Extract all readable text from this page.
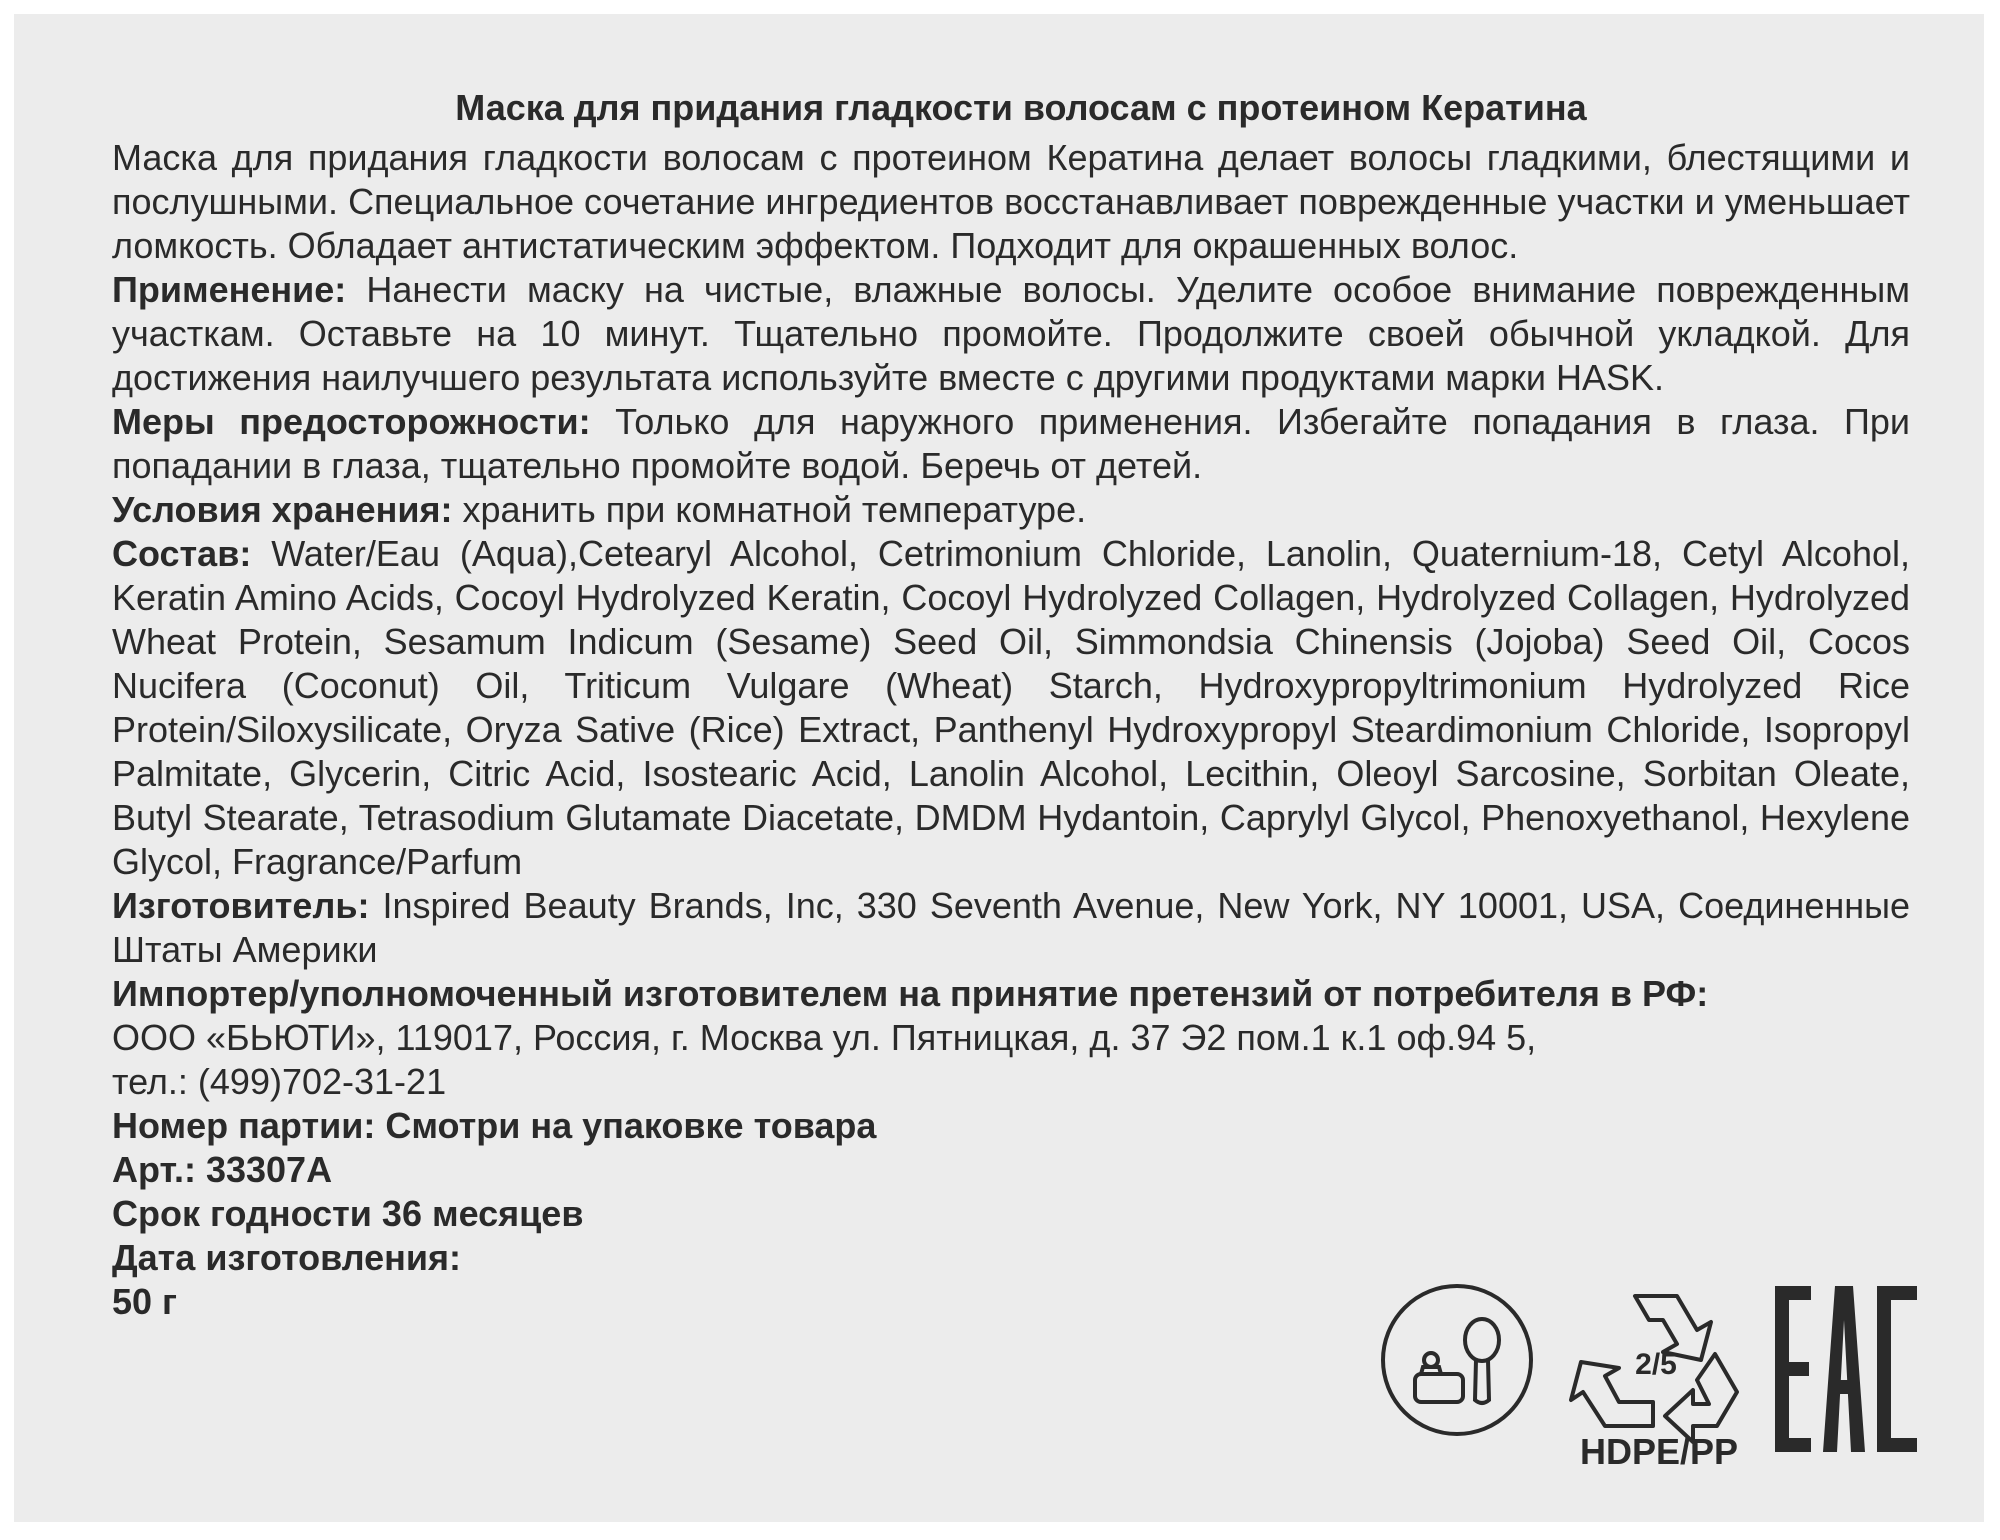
Маска для придания гладкости волосам с протеином Кератина

Маска для придания гладкости волосам с протеином Кератина делает волосы гладкими, блестящими и послушными. Специальное сочетание ингредиентов восстанавливает поврежденные участки и уменьшает ломкость. Обладает антистатическим эффектом. Подходит для окрашенных волос.

Применение: Нанести маску на чистые, влажные волосы. Уделите особое внимание поврежденным участкам. Оставьте на 10 минут. Тщательно промойте. Продолжите своей обычной укладкой. Для достижения наилучшего результата используйте вместе с другими продуктами марки HASK.

Меры предосторожности: Только для наружного применения. Избегайте попадания в глаза. При попадании в глаза, тщательно промойте водой. Беречь от детей.

Условия хранения: хранить при комнатной температуре.

Состав: Water/Eau (Aqua),Cetearyl Alcohol, Cetrimonium Chloride, Lanolin, Quaternium-18, Cetyl Alcohol, Keratin Amino Acids, Cocoyl Hydrolyzed Keratin, Cocoyl Hydrolyzed Collagen, Hydrolyzed Collagen, Hydrolyzed Wheat Protein, Sesamum Indicum (Sesame) Seed Oil, Simmondsia Chinensis (Jojoba) Seed Oil, Cocos Nucifera (Coconut) Oil, Triticum Vulgare (Wheat) Starch, Hydroxypropyltrimonium Hydrolyzed Rice Protein/Siloxysilicate, Oryza Sative (Rice) Extract, Panthenyl Hydroxypropyl Steardimonium Chloride, Isopropyl Palmitate, Glycerin, Citric Acid, Isostearic Acid, Lanolin Alcohol, Lecithin, Oleoyl Sarcosine, Sorbitan Oleate, Butyl Stearate, Tetrasodium Glutamate Diacetate, DMDM Hydantoin, Caprylyl Glycol, Phenoxyethanol, Hexylene Glycol, Fragrance/Parfum

Изготовитель: Inspired Beauty Brands, Inc, 330 Seventh Avenue, New York, NY 10001, USA, Соединенные Штаты Америки

Импортер/уполномоченный изготовителем на принятие претензий от потребителя в РФ:

ООО «БЬЮТИ», 119017, Россия, г. Москва ул. Пятницкая, д. 37 Э2 пом.1 к.1 оф.94 5,

тел.: (499)702-31-21

Номер партии: Смотри на упаковке товара

Арт.: 33307А

Срок годности 36 месяцев

Дата изготовления:

50 г

2/5
HDPE/PP
